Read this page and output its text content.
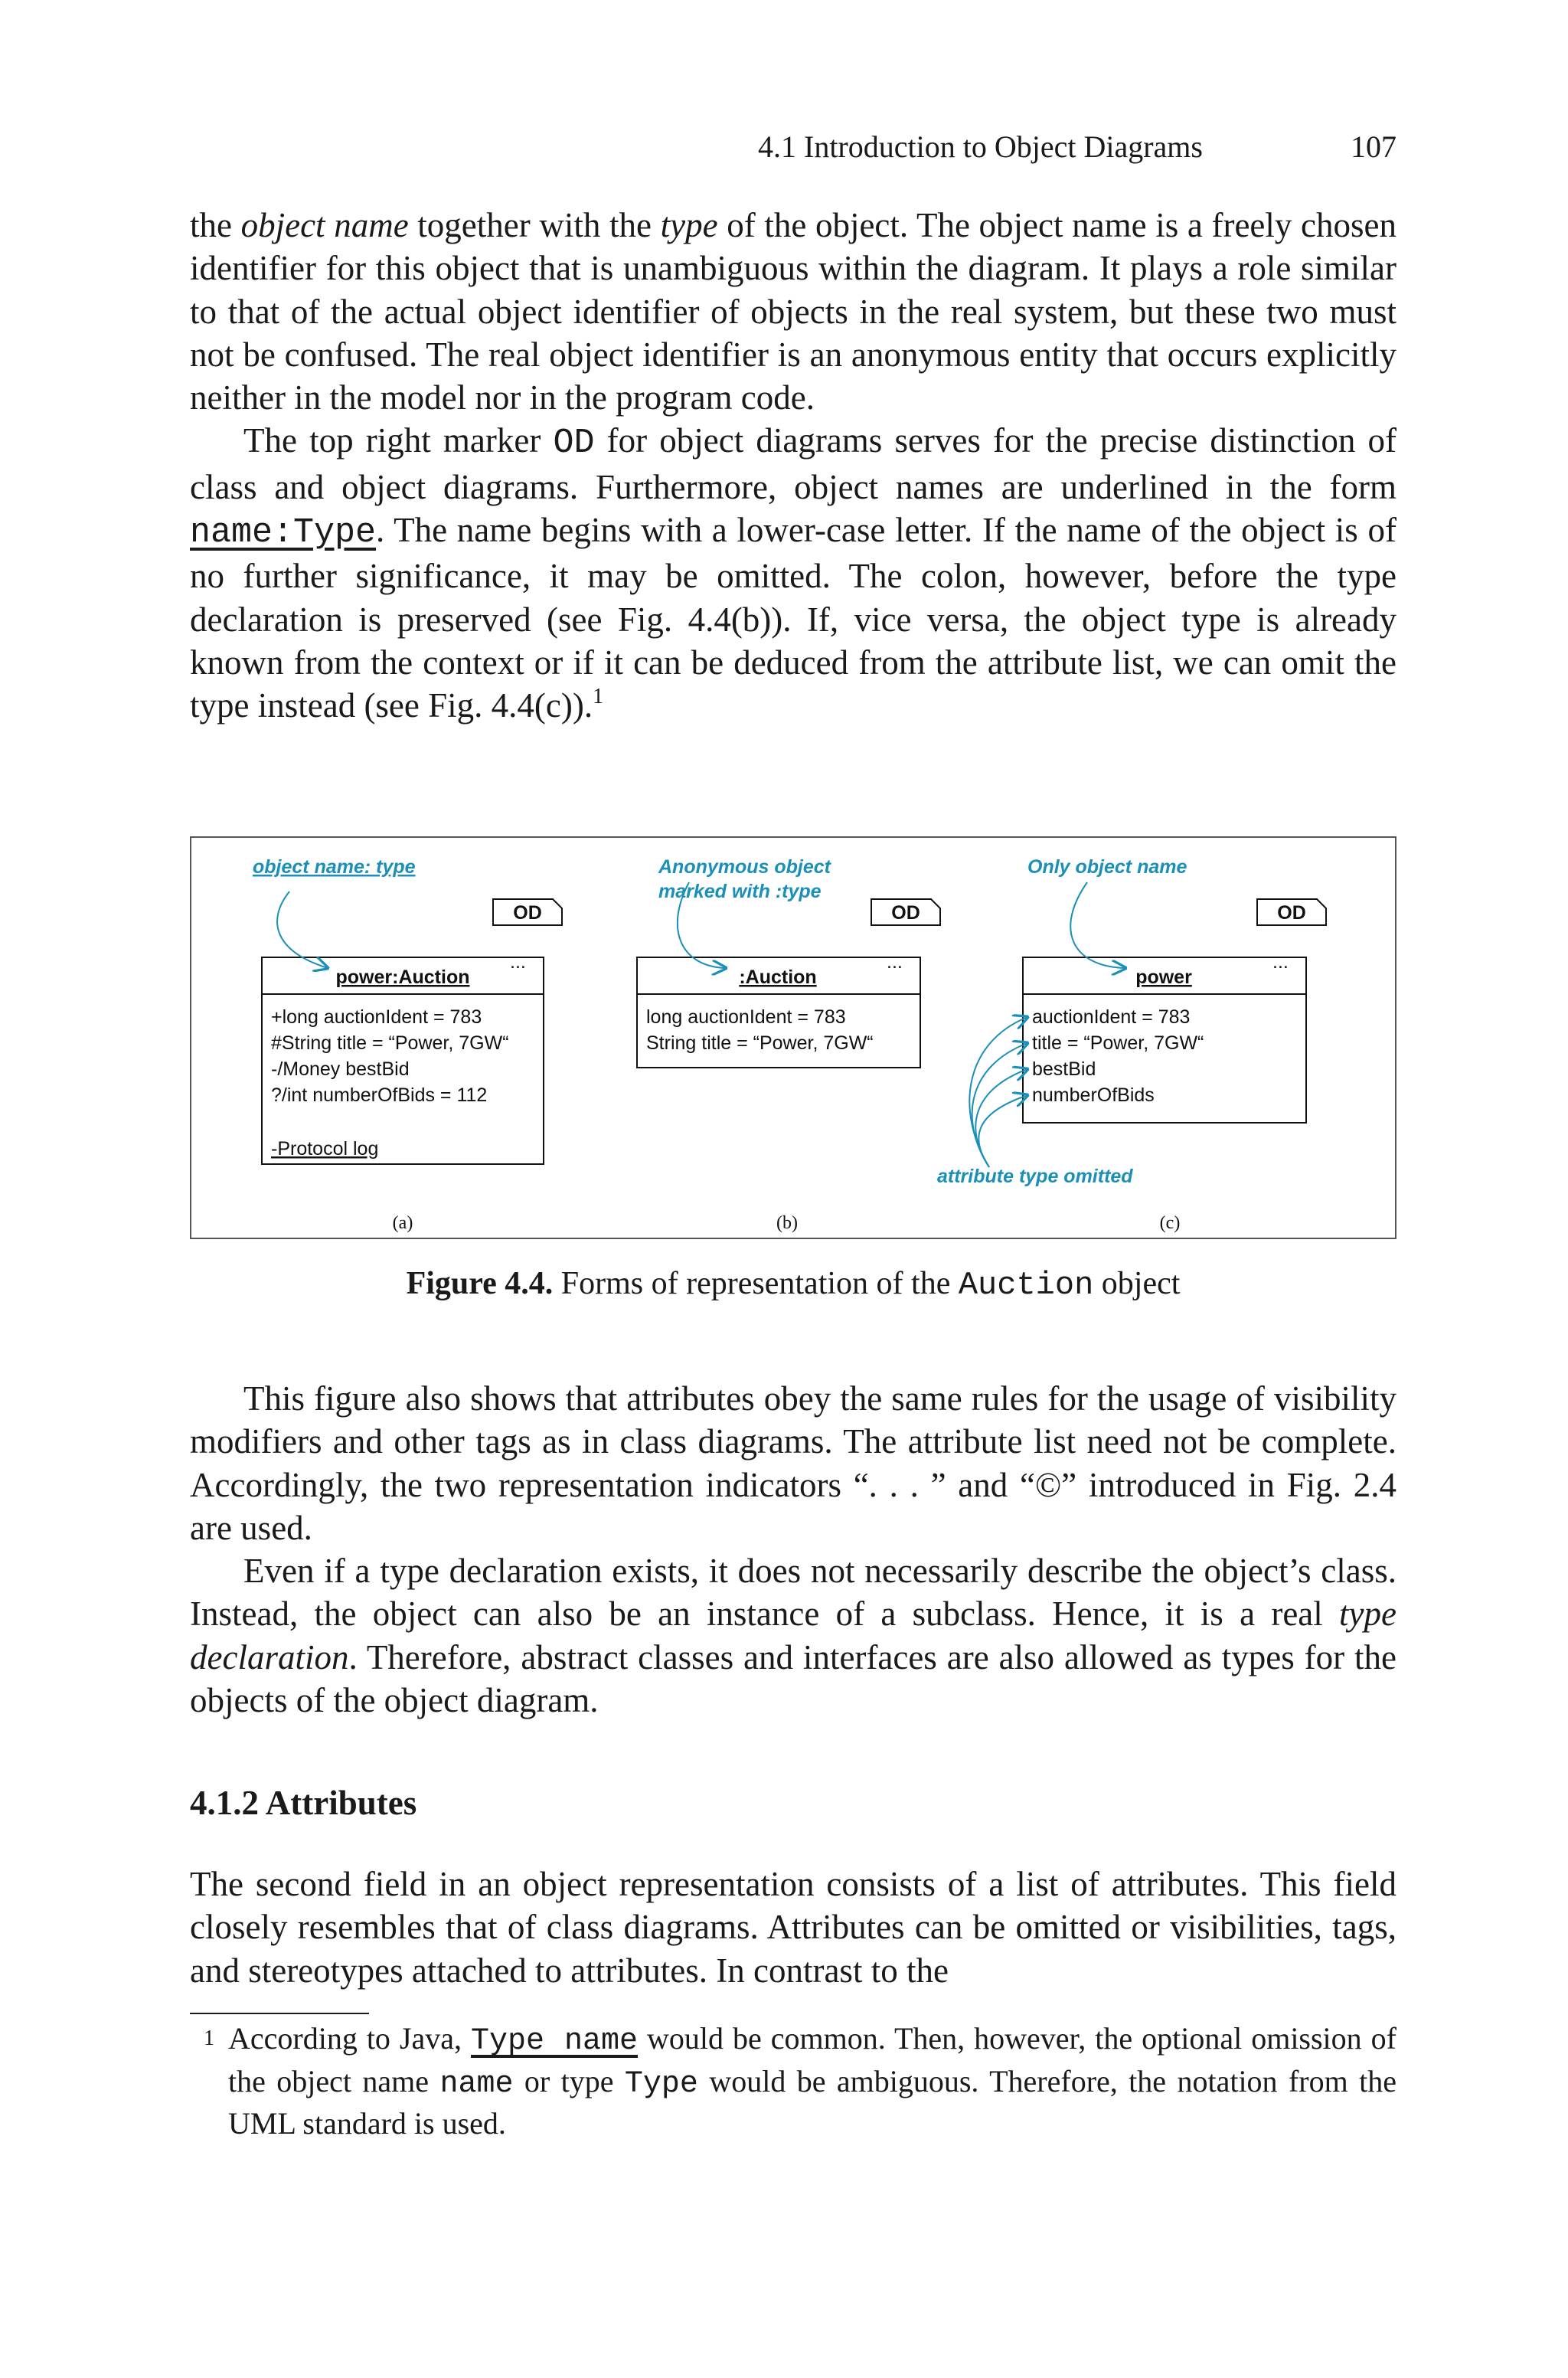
4.1 Introduction to Object Diagrams	107

the object name together with the type of the object. The object name is a freely chosen identifier for this object that is unambiguous within the diagram. It plays a role similar to that of the actual object identifier of objects in the real system, but these two must not be confused. The real object identifier is an anonymous entity that occurs explicitly neither in the model nor in the program code.

The top right marker OD for object diagrams serves for the precise distinction of class and object diagrams. Furthermore, object names are underlined in the form name:Type. The name begins with a lower-case letter. If the name of the object is of no further significance, it may be omitted. The colon, however, before the type declaration is preserved (see Fig. 4.4(b)). If, vice versa, the object type is already known from the context or if it can be deduced from the attribute list, we can omit the type instead (see Fig. 4.4(c)).$^1$

object name: type
OD
power:Auction
...
+long auctionIdent = 783
#String title = “Power, 7GW“
-/Money bestBid
?/int numberOfBids = 112
-Protocol log
(a)
Anonymous object
marked with :type
OD
:Auction
...
long auctionIdent = 783
String title = “Power, 7GW“
(b)
Only object name
OD
power
...
auctionIdent = 783
title = “Power, 7GW“
bestBid
numberOfBids
attribute type omitted
(c)
Figure 4.4. Forms of representation of the Auction object

This figure also shows that attributes obey the same rules for the usage of visibility modifiers and other tags as in class diagrams. The attribute list need not be complete. Accordingly, the two representation indicators “. . . ” and “©” introduced in Fig. 2.4 are used.

Even if a type declaration exists, it does not necessarily describe the object’s class. Instead, the object can also be an instance of a subclass. Hence, it is a real type declaration. Therefore, abstract classes and interfaces are also allowed as types for the objects of the object diagram.

4.1.2 Attributes

The second field in an object representation consists of a list of attributes. This field closely resembles that of class diagrams. Attributes can be omitted or visibilities, tags, and stereotypes attached to attributes. In contrast to the

1 According to Java, Type name would be common. Then, however, the optional omission of the object name name or type Type would be ambiguous. Therefore, the notation from the UML standard is used.
